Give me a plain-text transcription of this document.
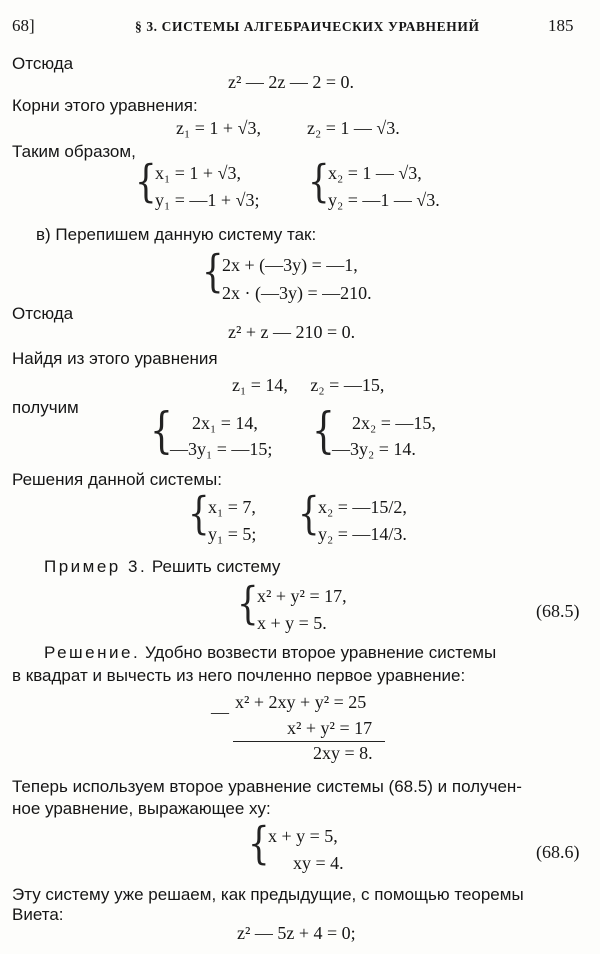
68]	§ 3. СИСТЕМЫ АЛГЕБРАИЧЕСКИХ УРАВНЕНИЙ	185
Отсюда
z² — 2z — 2 = 0.
Корни этого уравнения:
z₁ = 1 + √3,	z₂ = 1 — √3.
Таким образом,
{
x₁ = 1 + √3,
y₁ = —1 + √3; {
x₂ = 1 — √3,
y₂ = —1 — √3.
в) Перепишем данную систему так:
{
2x + (—3y) = —1,
2x · (—3y) = —210.
Отсюда
z² + z — 210 = 0.
Найдя из этого уравнения
z₁ = 14,     z₂ = —15,
получим { 2x₁ = 14,
—3y₁ = —15; { 2x₂ = —15,
—3y₂ = 14.
Решения данной системы:
{
x₁ = 7,
y₁ = 5; {
x₂ = —15/2,
y₂ = —14/3.
Пример 3. Решить систему
{
x² + y² = 17,
x + y = 5.
(68.5)
Решение. Удобно возвести второе уравнение системы
в квадрат и вычесть из него почленно первое уравнение:
— x² + 2xy + y² = 25
x² + y² = 17
2xy = 8.
Теперь используем второе уравнение системы (68.5) и получен-
ное уравнение, выражающее xy:
{
x + y = 5,
xy = 4.
(68.6)
Эту систему уже решаем, как предыдущие, с помощью теоремы
Виета:
z² — 5z + 4 = 0;
